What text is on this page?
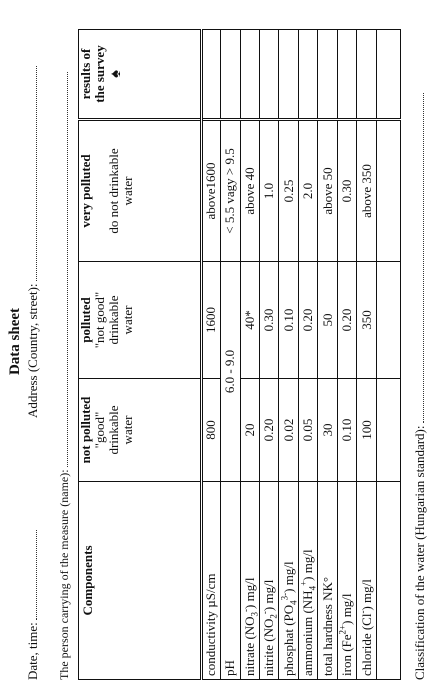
Data sheet
Date, time:
Address (Country, street):
The person carrying of the measure (name): Components	not polluted "good" drinkable water	polluted "not good" drinkable water	very polluted do not drinkable water	results of the survey ♠

conductivity µS/cm	800	1600	above1600	
pH	6.0 - 9.0		< 5.5 vagy > 9.5	
nitrate $(NO_3^-)$ mg/l	20	40*	above 40	
nitrite $(NO_2^-)$ mg/l	0.20	0.30	1.0	
phosphat $(PO_4^{3-})$ mg/l	0.02	0.10	0.25	
ammonium $(NH_4^+)$ mg/l	0.05	0.20	2.0	
total hardness NK°	30	50	above 50	
iron $(Fe^{2+})$ mg/l	0.10	0.20	0.30	
chloride (Cl-) mg/l	100	350	above 350	

Classification of the water (Hungarian standard):
